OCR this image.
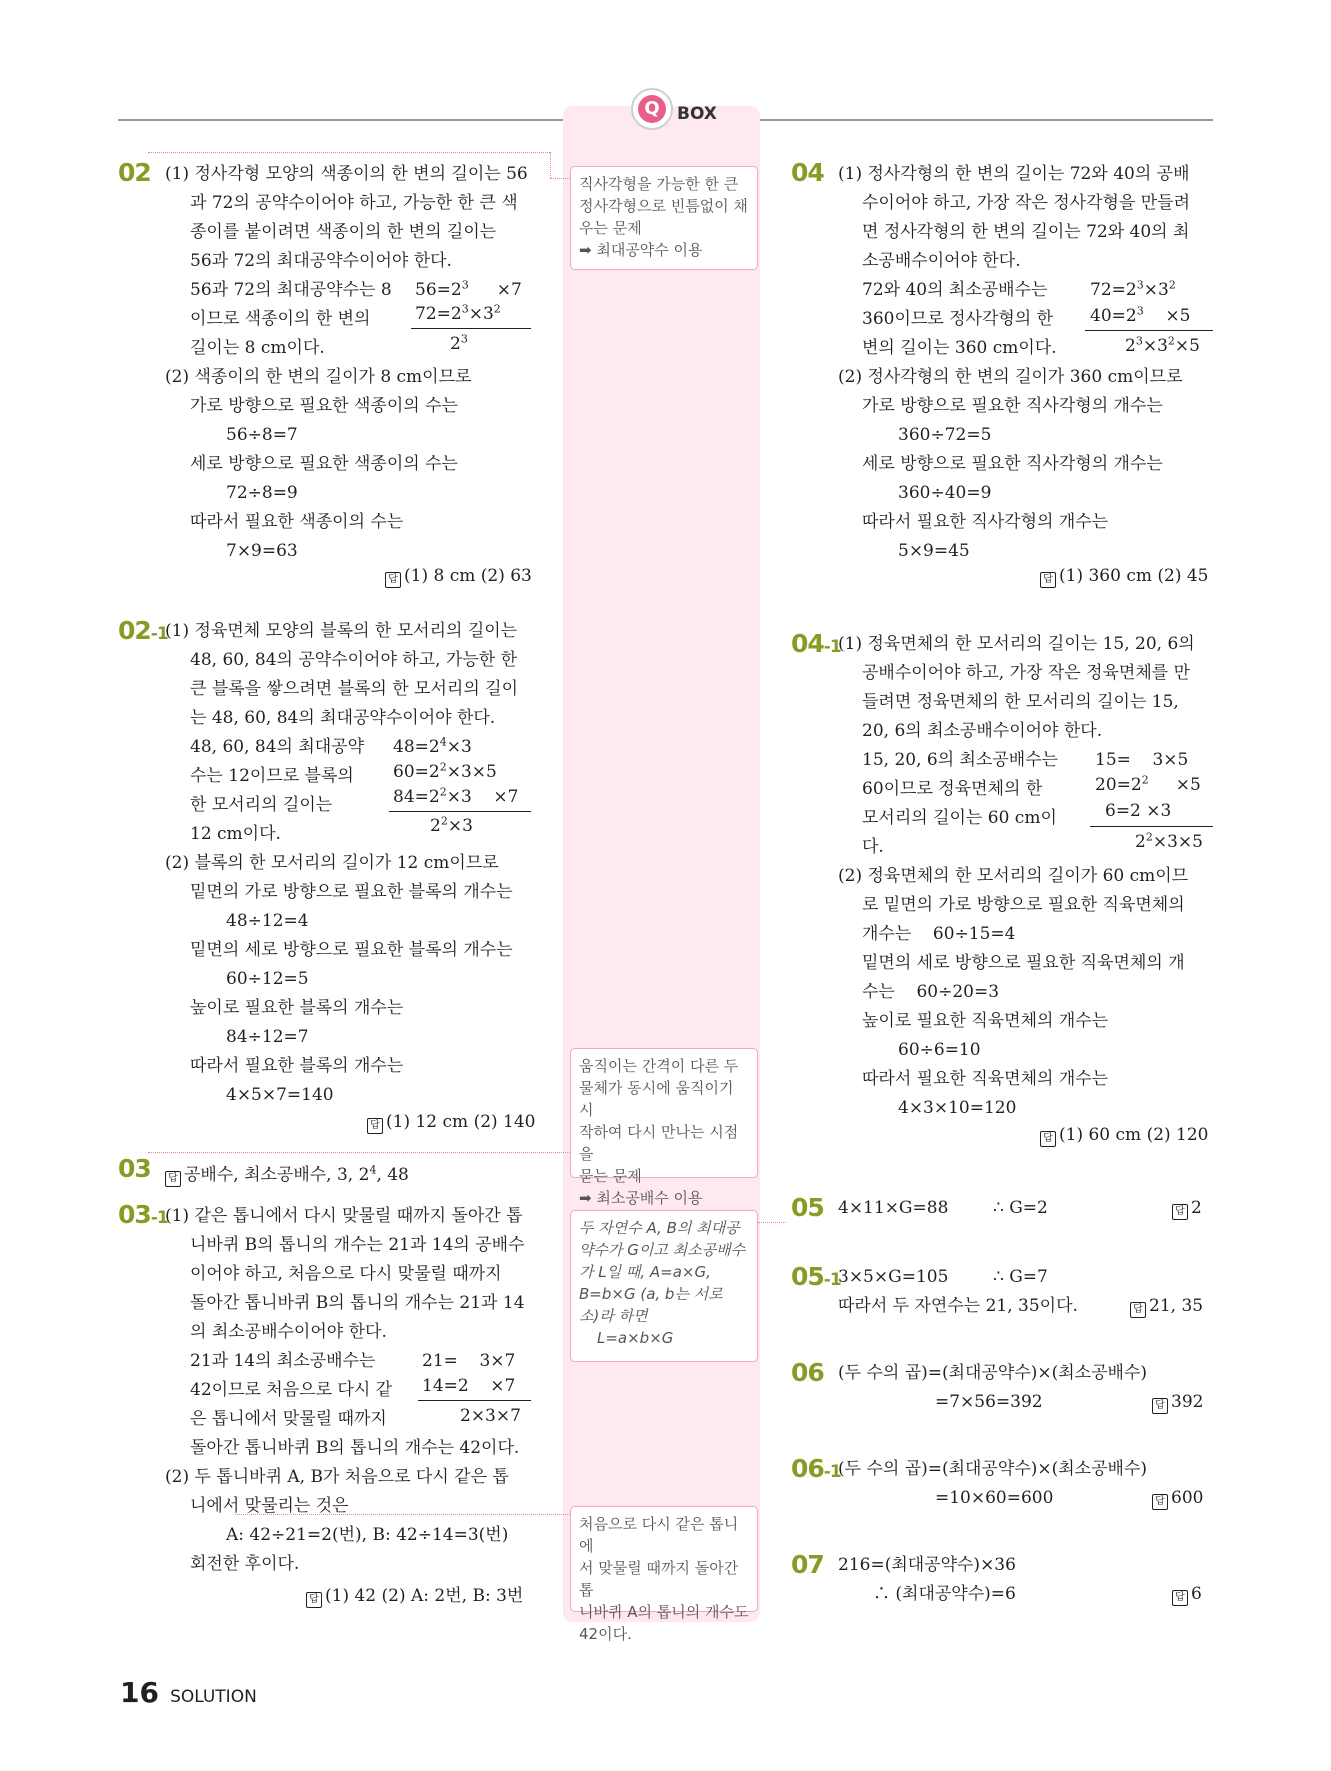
Q	BOX
직사각형을 가능한 한 큰
정사각형으로 빈틈없이 채
우는 문제
➡ 최대공약수 이용
움직이는 간격이 다른 두
물체가 동시에 움직이기 시
작하여 다시 만나는 시점을
묻는 문제
➡ 최소공배수 이용
두 자연수 A, B의 최대공
약수가 G이고 최소공배수
가 L일 때, A=a×G,
B=b×G (a, b는 서로
소)라 하면
L=a×b×G
처음으로 다시 같은 톱니에
서 맞물릴 때까지 돌아간 톱
니바퀴 A의 톱니의 개수도
42이다.
02 (1) 정사각형 모양의 색종이의 한 변의 길이는 56
과 72의 공약수이어야 하고, 가능한 한 큰 색
종이를 붙이려면 색종이의 한 변의 길이는
56과 72의 최대공약수이어야 한다.
56과 72의 최대공약수는 8
이므로 색종이의 한 변의
길이는 8 cm이다.
$56=2^3 \times 7$
$72=2^3\times 3^2$
$2^3$
(2) 색종이의 한 변의 길이가 8 cm이므로
가로 방향으로 필요한 색종이의 수는
56÷8=7
세로 방향으로 필요한 색종이의 수는
72÷8=9
따라서 필요한 색종이의 수는
7×9=63
답 (1) 8 cm (2) 63
02-1
(1) 정육면체 모양의 블록의 한 모서리의 길이는
48, 60, 84의 공약수이어야 하고, 가능한 한
큰 블록을 쌓으려면 블록의 한 모서리의 길이
는 48, 60, 84의 최대공약수이어야 한다.
48, 60, 84의 최대공약
수는 12이므로 블록의
한 모서리의 길이는
12 cm이다.
$48=2^4\times 3$
$60=2^2\times 3\times 5$
$84=2^2\times 3$    ×7
$2^2\times 3$
(2) 블록의 한 모서리의 길이가 12 cm이므로
밑면의 가로 방향으로 필요한 블록의 개수는
48÷12=4
밑면의 세로 방향으로 필요한 블록의 개수는
60÷12=5
높이로 필요한 블록의 개수는
84÷12=7
따라서 필요한 블록의 개수는
4×5×7=140
답 (1) 12 cm (2) 140
03	답 공배수, 최소공배수, 3, $2^4$, 48
03-1
(1) 같은 톱니에서 다시 맞물릴 때까지 돌아간 톱
니바퀴 B의 톱니의 개수는 21과 14의 공배수
이어야 하고, 처음으로 다시 맞물릴 때까지
돌아간 톱니바퀴 B의 톱니의 개수는 21과 14
의 최소공배수이어야 한다.
21과 14의 최소공배수는
42이므로 처음으로 다시 같
은 톱니에서 맞물릴 때까지
돌아간 톱니바퀴 B의 톱니의 개수는 42이다.
21=    3×7
14=2    ×7
2×3×7
(2) 두 톱니바퀴 A, B가 처음으로 다시 같은 톱
니에서 맞물리는 것은
A: 42÷21=2(번), B: 42÷14=3(번)
회전한 후이다.
답 (1) 42 (2) A: 2번, B: 3번
04 (1) 정사각형의 한 변의 길이는 72와 40의 공배
수이어야 하고, 가장 작은 정사각형을 만들려
면 정사각형의 한 변의 길이는 72와 40의 최
소공배수이어야 한다.
72와 40의 최소공배수는
360이므로 정사각형의 한
변의 길이는 360 cm이다.
$72=2^3\times 3^2$
$40=2^3$    ×5
$2^3\times 3^2\times 5$
(2) 정사각형의 한 변의 길이가 360 cm이므로
가로 방향으로 필요한 직사각형의 개수는
360÷72=5
세로 방향으로 필요한 직사각형의 개수는
360÷40=9
따라서 필요한 직사각형의 개수는
5×9=45
답 (1) 360 cm (2) 45
04-1
(1) 정육면체의 한 모서리의 길이는 15, 20, 6의
공배수이어야 하고, 가장 작은 정육면체를 만
들려면 정육면체의 한 모서리의 길이는 15,
20, 6의 최소공배수이어야 한다.
15, 20, 6의 최소공배수는
60이므로 정육면체의 한
모서리의 길이는 60 cm이
다.
15=    3×5
$20=2^2$     ×5
6=2 ×3
$2^2\times 3\times 5$
(2) 정육면체의 한 모서리의 길이가 60 cm이므
로 밑면의 가로 방향으로 필요한 직육면체의
개수는    60÷15=4
밑면의 세로 방향으로 필요한 직육면체의 개
수는    60÷20=3
높이로 필요한 직육면체의 개수는
60÷6=10
따라서 필요한 직육면체의 개수는
4×3×10=120
답 (1) 60 cm (2) 120
05 4×11×G=88	∴ G=2	답 2
05-1
3×5×G=105	∴ G=7
따라서 두 자연수는 21, 35이다.	답 21, 35
06 (두 수의 곱)=(최대공약수)×(최소공배수)
=7×56=392	답 392
06-1
(두 수의 곱)=(최대공약수)×(최소공배수)
=10×60=600	답 600
07 216=(최대공약수)×36
∴ (최대공약수)=6	답 6
16 SOLUTION
